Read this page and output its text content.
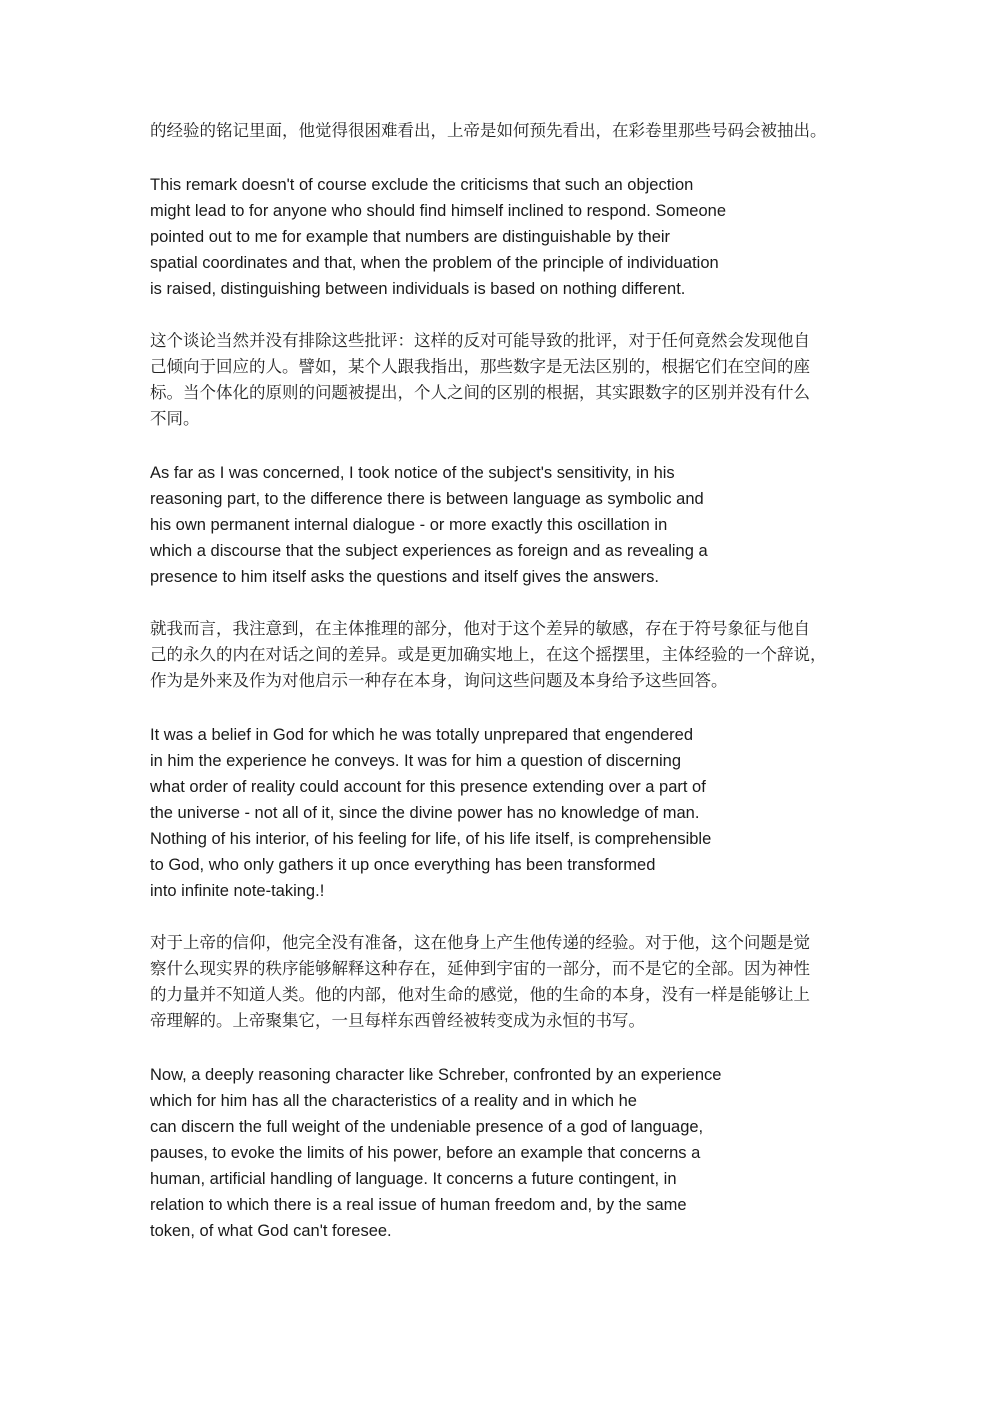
的经验的铭记里面，他觉得很困难看出，上帝是如何预先看出，在彩卷里那些号码会被抽出。
This remark doesn't of course exclude the criticisms that such an objection
might lead to for anyone who should find himself inclined to respond. Someone
pointed out to me for example that numbers are distinguishable by their
spatial coordinates and that, when the problem of the principle of individuation
is raised, distinguishing between individuals is based on nothing different.
这个谈论当然并没有排除这些批评：这样的反对可能导致的批评，对于任何竟然会发现他自
己倾向于回应的人。譬如，某个人跟我指出，那些数字是无法区别的，根据它们在空间的座
标。当个体化的原则的问题被提出，个人之间的区别的根据，其实跟数字的区别并没有什么
不同。
As far as I was concerned, I took notice of the subject's sensitivity, in his
reasoning part, to the difference there is between language as symbolic and
his own permanent internal dialogue - or more exactly this oscillation in
which a discourse that the subject experiences as foreign and as revealing a
presence to him itself asks the questions and itself gives the answers.
就我而言，我注意到，在主体推理的部分，他对于这个差异的敏感，存在于符号象征与他自
己的永久的内在对话之间的差异。或是更加确实地上，在这个摇摆里，主体经验的一个辞说，
作为是外来及作为对他启示一种存在本身，询问这些问题及本身给予这些回答。
It was a belief in God for which he was totally unprepared that engendered
in him the experience he conveys. It was for him a question of discerning
what order of reality could account for this presence extending over a part of
the universe - not all of it, since the divine power has no knowledge of man.
Nothing of his interior, of his feeling for life, of his life itself, is comprehensible
to God, who only gathers it up once everything has been transformed
into infinite note-taking.!
对于上帝的信仰，他完全没有准备，这在他身上产生他传递的经验。对于他，这个问题是觉
察什么现实界的秩序能够解释这种存在，延伸到宇宙的一部分，而不是它的全部。因为神性
的力量并不知道人类。他的内部，他对生命的感觉，他的生命的本身，没有一样是能够让上
帝理解的。上帝聚集它，一旦每样东西曾经被转变成为永恒的书写。
Now, a deeply reasoning character like Schreber, confronted by an experience
which for him has all the characteristics of a reality and in which he
can discern the full weight of the undeniable presence of a god of language,
pauses, to evoke the limits of his power, before an example that concerns a
human, artificial handling of language. It concerns a future contingent, in
relation to which there is a real issue of human freedom and, by the same
token, of what God can't foresee.
